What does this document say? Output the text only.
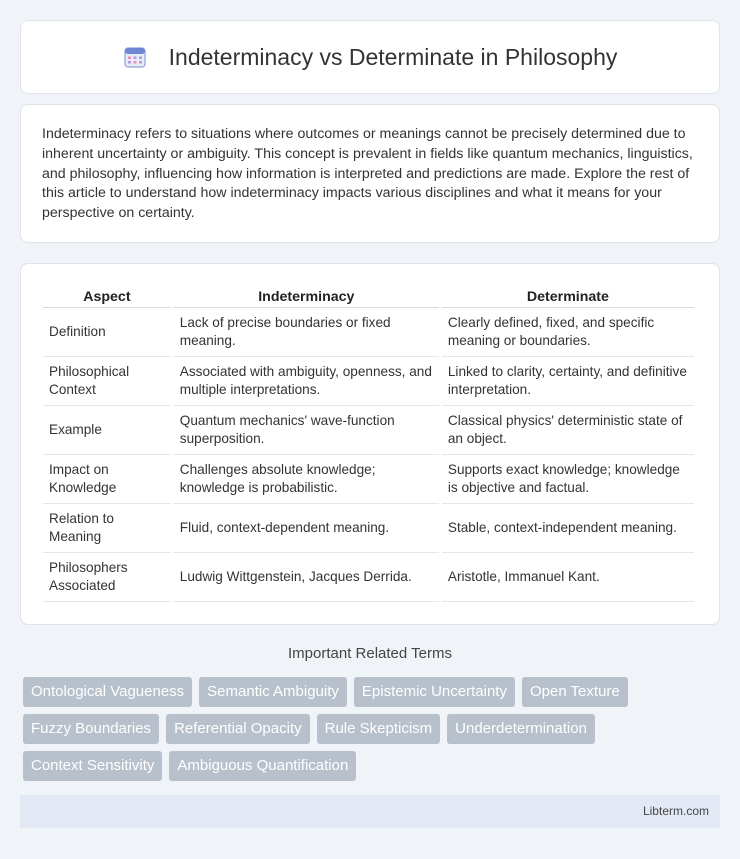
Indeterminacy vs Determinate in Philosophy

Indeterminacy refers to situations where outcomes or meanings cannot be precisely determined due to inherent uncertainty or ambiguity. This concept is prevalent in fields like quantum mechanics, linguistics, and philosophy, influencing how information is interpreted and predictions are made. Explore the rest of this article to understand how indeterminacy impacts various disciplines and what it means for your perspective on certainty.

Aspect	Indeterminacy	Determinate
Definition	Lack of precise boundaries or fixed meaning.	Clearly defined, fixed, and specific meaning or boundaries.
Philosophical Context	Associated with ambiguity, openness, and multiple interpretations.	Linked to clarity, certainty, and definitive interpretation.
Example	Quantum mechanics' wave-function superposition.	Classical physics' deterministic state of an object.
Impact on Knowledge	Challenges absolute knowledge; knowledge is probabilistic.	Supports exact knowledge; knowledge is objective and factual.
Relation to Meaning	Fluid, context-dependent meaning.	Stable, context-independent meaning.
Philosophers Associated	Ludwig Wittgenstein, Jacques Derrida.	Aristotle, Immanuel Kant.
Important Related Terms
Ontological Vagueness	Semantic Ambiguity	Epistemic Uncertainty	Open Texture
Fuzzy Boundaries	Referential Opacity	Rule Skepticism	Underdetermination
Context Sensitivity	Ambiguous Quantification
Libterm.com
